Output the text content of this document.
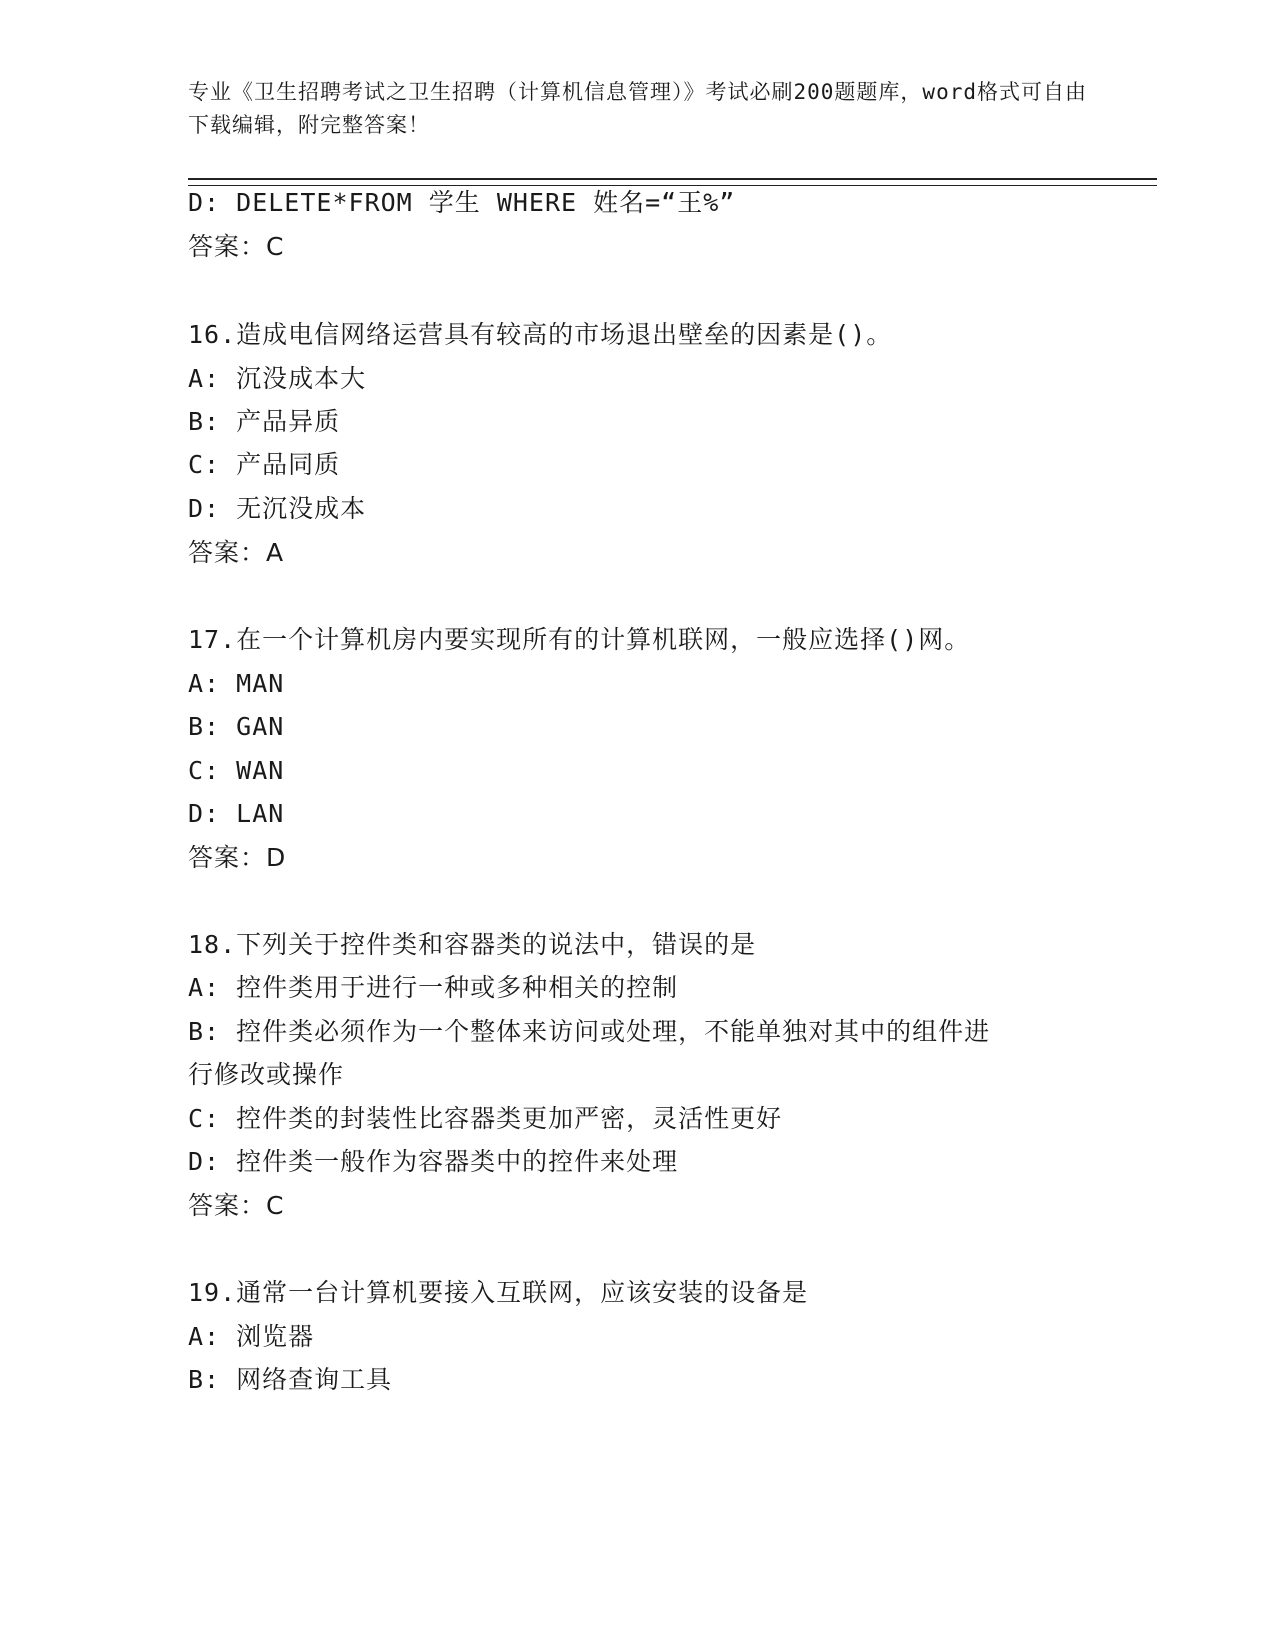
专业《卫生招聘考试之卫生招聘（计算机信息管理）》考试必刷200题题库，word格式可自由下载编辑，附完整答案！
D: DELETE*FROM 学生 WHERE 姓名=“王%”
答案：C
16.造成电信网络运营具有较高的市场退出壁垒的因素是()。
A: 沉没成本大
B: 产品异质
C: 产品同质
D: 无沉没成本
答案：A
17.在一个计算机房内要实现所有的计算机联网，一般应选择()网。
A: MAN
B: GAN
C: WAN
D: LAN
答案：D
18.下列关于控件类和容器类的说法中，错误的是
A: 控件类用于进行一种或多种相关的控制
B: 控件类必须作为一个整体来访问或处理，不能单独对其中的组件进
行修改或操作
C: 控件类的封装性比容器类更加严密，灵活性更好
D: 控件类一般作为容器类中的控件来处理
答案：C
19.通常一台计算机要接入互联网，应该安装的设备是
A: 浏览器
B: 网络查询工具
